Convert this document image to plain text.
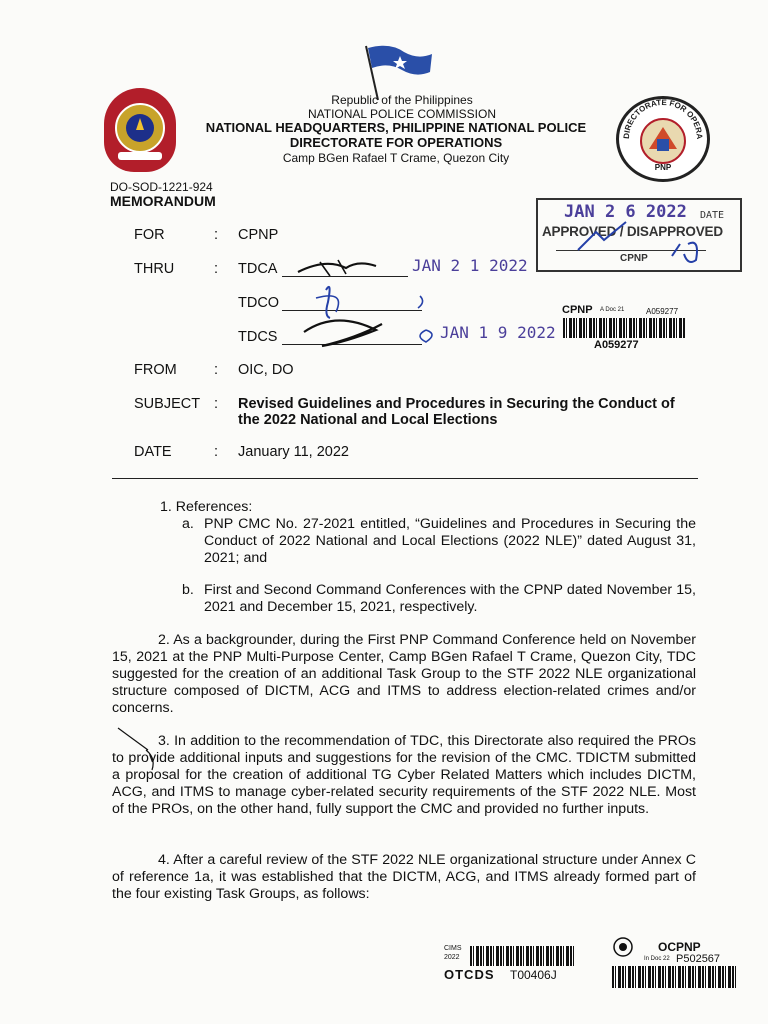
DIRECTORATE FOR OPERA
PNP
Republic of the Philippines
NATIONAL POLICE COMMISSION
NATIONAL HEADQUARTERS, PHILIPPINE NATIONAL POLICE
DIRECTORATE FOR OPERATIONS
Camp BGen Rafael T Crame, Quezon City
DO-SOD-1221-924
MEMORANDUM
JAN 2 6 2022 DATE
APPROVED / DISAPPROVED
CPNP
FOR	: CPNP
THRU	: TDCA	JAN 2 1 2022
TDCO
TDCS	JAN 1 9 2022
CPNP A Doc 21	A059277
A059277
FROM	: OIC, DO
SUBJECT : Revised Guidelines and Procedures in Securing the Conduct of the 2022 National and Local Elections
DATE	: January 11, 2022
1. References:
a. PNP CMC No. 27-2021 entitled, “Guidelines and Procedures in Securing the Conduct of 2022 National and Local Elections (2022 NLE)” dated August 31, 2021; and
b. First and Second Command Conferences with the CPNP dated November 15, 2021 and December 15, 2021, respectively.
2. As a backgrounder, during the First PNP Command Conference held on November 15, 2021 at the PNP Multi-Purpose Center, Camp BGen Rafael T Crame, Quezon City, TDC suggested for the creation of an additional Task Group to the STF 2022 NLE organizational structure composed of DICTM, ACG and ITMS to address election-related crimes and/or concerns.
3. In addition to the recommendation of TDC, this Directorate also required the PROs to provide additional inputs and suggestions for the revision of the CMC. TDICTM submitted a proposal for the creation of additional TG Cyber Related Matters which includes DICTM, ACG, and ITMS to manage cyber-related security requirements of the STF 2022 NLE. Most of the PROs, on the other hand, fully support the CMC and provided no further inputs.
4. After a careful review of the STF 2022 NLE organizational structure under Annex C of reference 1a, it was established that the DICTM, ACG, and ITMS already formed part of the four existing Task Groups, as follows:
CIMS
2022
OTCDS T00406J
OCPNP
In Doc 22 P502567
